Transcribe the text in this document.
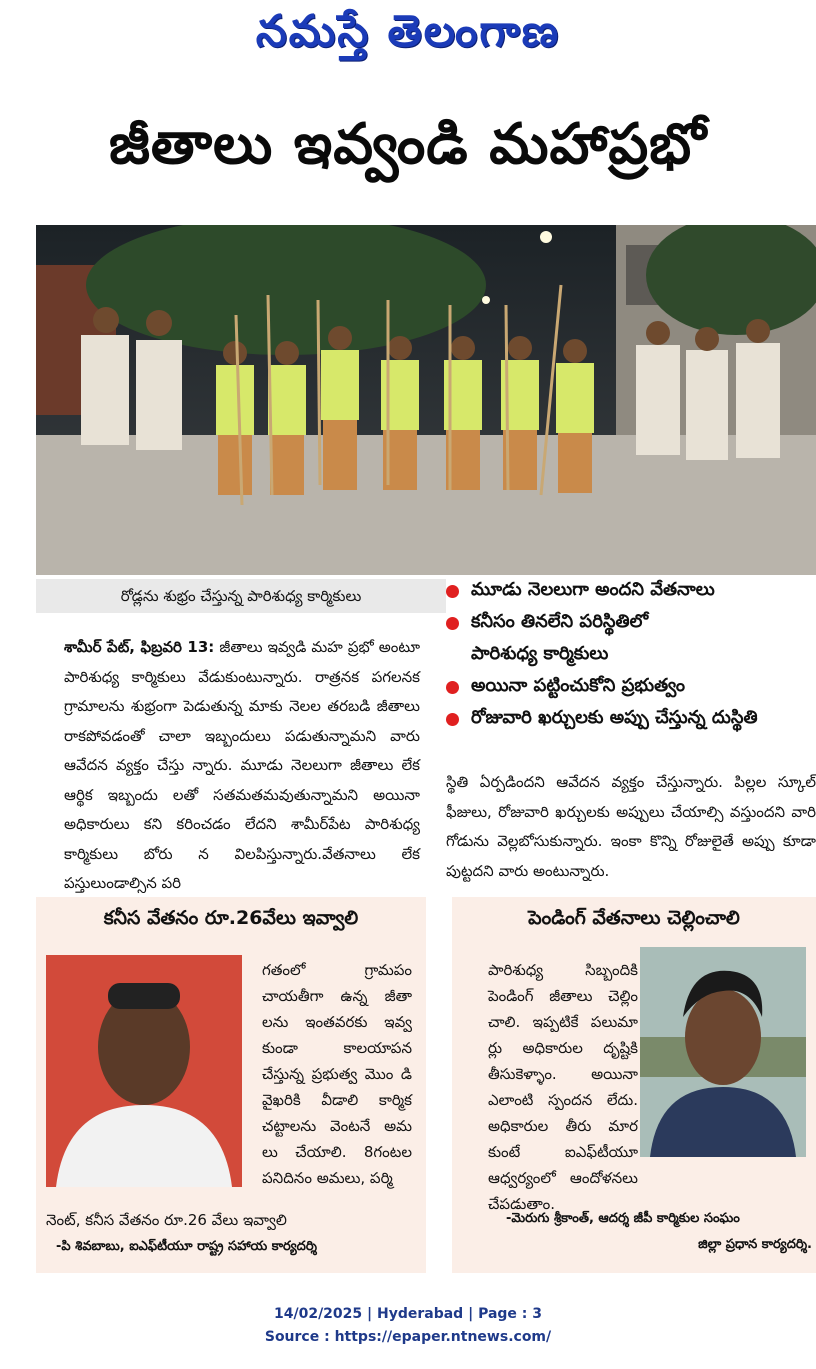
నమస్తే తెలంగాణ
జీతాలు ఇవ్వండి మహాప్రభో
రోడ్లను శుభ్రం చేస్తున్న పారిశుధ్య కార్మికులు	మూడు నెలలుగా అందని వేతనాలు
కనీసం తినలేని పరిస్థితిలో
పారిశుధ్య కార్మికులు
అయినా పట్టించుకోని ప్రభుత్వం
రోజువారి ఖర్చులకు అప్పు చేస్తున్న దుస్థితి
శామీర్ పేట్, ఫిబ్రవరి 13: జీతాలు ఇవ్వడి మహ ప్రభో అంటూ పారిశుధ్య కార్మికులు వేడుకుంటున్నారు. రాత్రనక పగలనక గ్రామాలను శుభ్రంగా పెడుతున్న మాకు నెలల తరబడి జీతాలు రాకపోవడంతో చాలా ఇబ్బందులు పడుతున్నామని వారు ఆవేదన వ్యక్తం చేస్తు న్నారు. మూడు నెలలుగా జీతాలు లేక ఆర్థిక ఇబ్బందు లతో సతమతమవుతున్నామని అయినా అధికారులు కని కరించడం లేదని శామీర్‌పేట పారిశుధ్య కార్మికులు బోరు న విలపిస్తున్నారు.వేతనాలు లేక పస్తులుండాల్సిన పరి
స్థితి ఏర్పడిందని ఆవేదన వ్యక్తం చేస్తున్నారు. పిల్లల స్కూల్ ఫీజులు, రోజువారి ఖర్చులకు అప్పులు చేయాల్సి వస్తుందని వారి గోడును వెల్లబోసుకున్నారు. ఇంకా కొన్ని రోజులైతే అప్పు కూడా పుట్టదని వారు అంటున్నారు.
కనీస వేతనం రూ.26వేలు ఇవ్వాలి
గతంలో గ్రామపం చాయతీగా ఉన్న జీతా లను ఇంతవరకు ఇవ్వ కుండా కాలయాపన చేస్తున్న ప్రభుత్వ మొం డి వైఖరికి వీడాలి కార్మిక చట్టాలను వెంటనే అమ లు చేయాలి. 8గంటల పనిదినం అమలు, పర్మి
నెంట్, కనీస వేతనం రూ.26 వేలు ఇవ్వాలి
-పి శివబాబు, ఐఎఫ్‌టీయూ రాష్ట్ర సహాయ కార్యదర్శి
పెండింగ్ వేతనాలు చెల్లించాలి
పారిశుధ్య సిబ్బందికి పెండింగ్ జీతాలు చెల్లిం చాలి. ఇప్పటికే పలుమా ర్లు అధికారుల దృష్టికి తీసుకెళ్ళాం. అయినా ఎలాంటి స్పందన లేదు. అధికారుల తీరు మార కుంటే ఐఎఫ్‌టీయూ ఆధ్వర్యంలో ఆందోళనలు చేపడుతాం.
-మెరుగు శ్రీకాంత్, ఆదర్శ జీపీ కార్మికుల సంఘం
జిల్లా ప్రధాన కార్యదర్శి.
14/02/2025 | Hyderabad | Page : 3
Source : https://epaper.ntnews.com/
